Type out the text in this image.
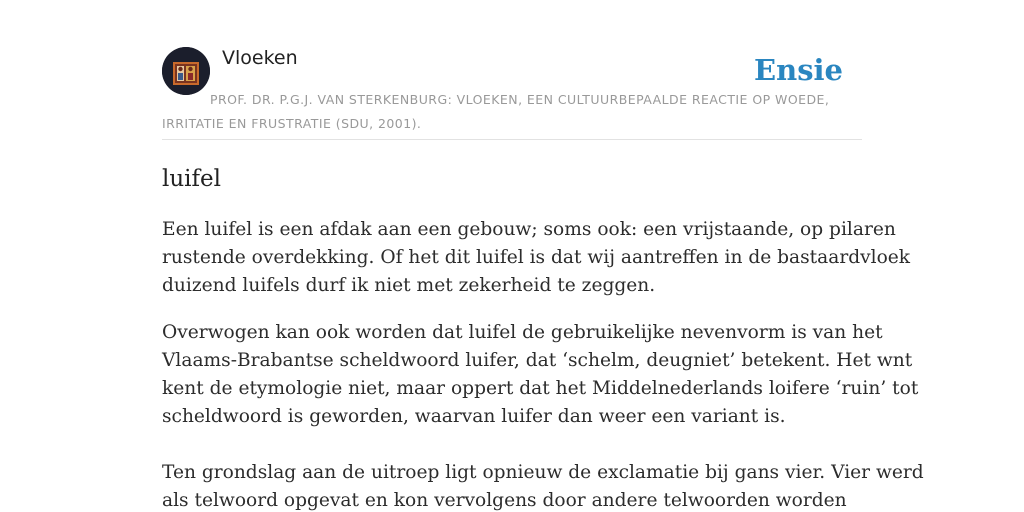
Vloeken	Ensie
PROF. DR. P.G.J. VAN STERKENBURG: VLOEKEN, EEN CULTUURBEPAALDE REACTIE OP WOEDE, IRRITATIE EN FRUSTRATIE (SDU, 2001).
luifel
Een luifel is een afdak aan een gebouw; soms ook: een vrijstaande, op pilaren
rustende overdekking. Of het dit luifel is dat wij aantreffen in de bastaardvloek
duizend luifels durf ik niet met zekerheid te zeggen.
Overwogen kan ook worden dat luifel de gebruikelijke nevenvorm is van het
Vlaams-Brabantse scheldwoord luifer, dat ‘schelm, deugniet’ betekent. Het wnt
kent de etymologie niet, maar oppert dat het Middelnederlands loifere ‘ruin’ tot
scheldwoord is geworden, waarvan luifer dan weer een variant is.
Ten grondslag aan de uitroep ligt opnieuw de exclamatie bij gans vier. Vier werd
als telwoord opgevat en kon vervolgens door andere telwoorden worden
